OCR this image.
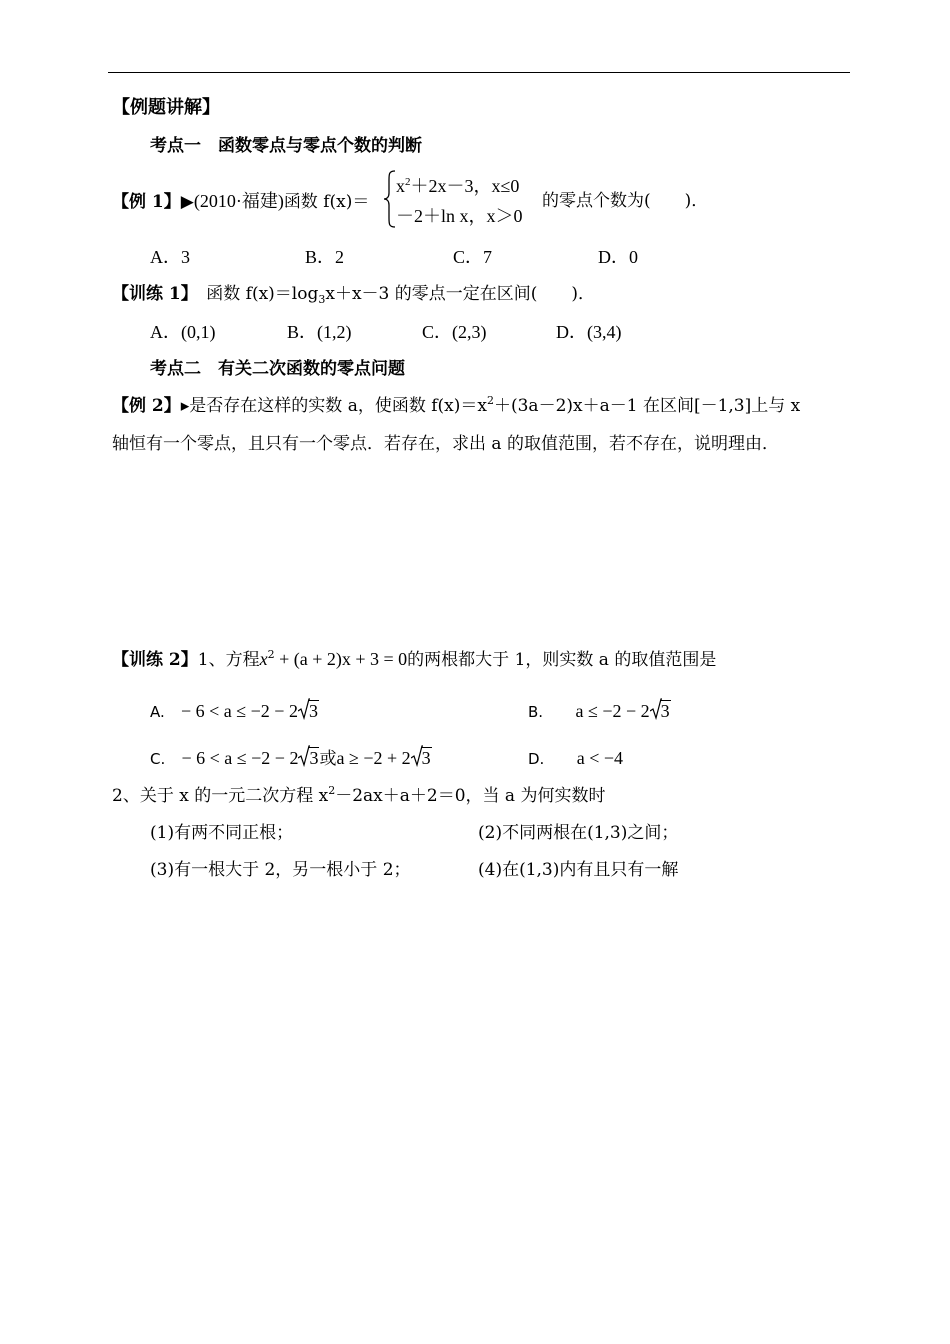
【例题讲解】
考点一　函数零点与零点个数的判断
【例 1】▶(2010·福建)函数 f(x)＝
$x^2+2x-3$，x≤0
－2＋ln x，x＞0
的零点个数为(　　)．
A．3	B．2	C．7	D．0
【训练 1】　 函数 $f(x)=\log_3x+x-3$ 的零点一定在区间(　　)．
A．(0,1)	B．(1,2)	C．(2,3)	D．(3,4)
考点二　有关二次函数的零点问题
【例 2】▸是否存在这样的实数 a，使函数 $f(x)=x^2+(3a-2)x+a-1$ 在区间[－1,3]上与 x
轴恒有一个零点，且只有一个零点．若存在，求出 a 的取值范围，若不存在，说明理由．
【训练 2】1、方程$x^2 + (a + 2)x + 3 = 0$的两根都大于 1，则实数 a 的取值范围是
A. − 6 < a ≤ −2 − 2 3	B. a ≤ −2 − 2 3
C. − 6 < a ≤ −2 − 2 3或a ≥ −2 + 2 3	D. a < −4
2、关于 x 的一元二次方程 $x^2-2ax+a+2=0$，当 a 为何实数时
(1)有两不同正根；	(2)不同两根在(1,3)之间；
(3)有一根大于 2，另一根小于 2；	(4)在(1,3)内有且只有一解
